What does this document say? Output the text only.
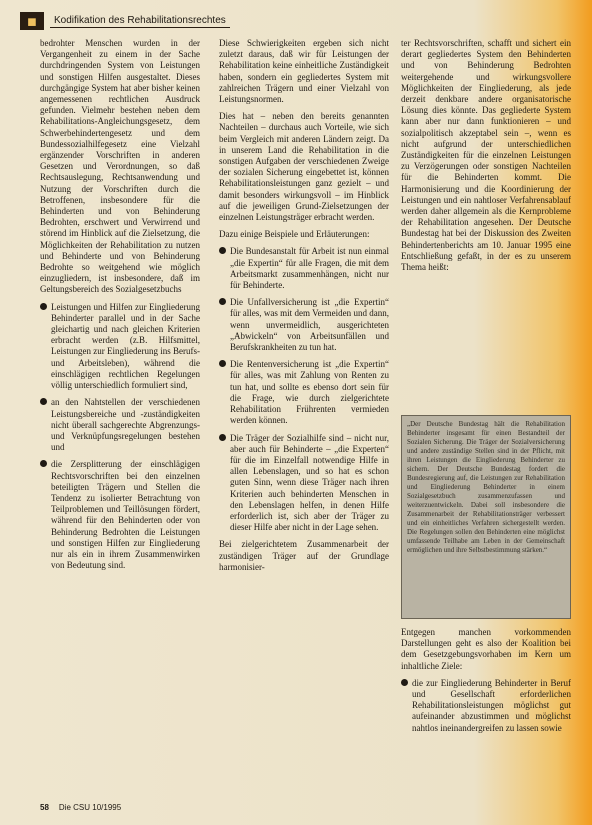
◼	Kodifikation des Rehabilitationsrechtes

bedrohter Menschen wurden in der Vergangenheit zu einem in der Sache durchdringenden System von Leistungen und sonstigen Hilfen ausgestaltet. Dieses durchgängige System hat aber bisher keinen angemessenen rechtlichen Ausdruck gefunden. Vielmehr bestehen neben dem Rehabilitations-Angleichungsgesetz, dem Schwerbehindertengesetz und dem Bundessozialhilfegesetz eine Vielzahl ergänzender Vorschriften in anderen Gesetzen und Verordnungen, so daß Rechtsauslegung, Rechtsanwendung und Nutzung der Vorschriften durch die Betroffenen, insbesondere für die Behinderten und von Behinderung Bedrohten, erschwert und Verwirrend und störend im Hinblick auf die Zielsetzung, die Möglichkeiten der Rehabilitation zu nutzen und Behinderte und von Behinderung Bedrohte so weitgehend wie möglich einzugliedern, ist insbesondere, daß im Geltungsbereich des Sozialgesetzbuchs

Leistungen und Hilfen zur Eingliederung Behinderter parallel und in der Sache gleichartig und nach gleichen Kriterien erbracht werden (z.B. Hilfsmittel, Leistungen zur Eingliederung ins Berufs- und Arbeitsleben), während die einschlägigen rechtlichen Regelungen völlig unterschiedlich formuliert sind,
an den Nahtstellen der verschiedenen Leistungsbereiche und -zuständigkeiten nicht überall sachgerechte Abgrenzungs- und Verknüpfungsregelungen bestehen und
die Zersplitterung der einschlägigen Rechtsvorschriften bei den einzelnen beteiligten Trägern und Stellen die Tendenz zu isolierter Betrachtung von Teilproblemen und Teillösungen fördert, während für den Behinderten oder von Behinderung Bedrohten die Leistungen und sonstigen Hilfen zur Eingliederung nur als ein in ihrem Zusammenwirken von Bedeutung sind.

Diese Schwierigkeiten ergeben sich nicht zuletzt daraus, daß wir für Leistungen der Rehabilitation keine einheitliche Zuständigkeit haben, sondern ein gegliedertes System mit zahlreichen Trägern und einer Vielzahl von Leistungsnormen.

Dies hat – neben den bereits genannten Nachteilen – durchaus auch Vorteile, wie sich beim Vergleich mit anderen Ländern zeigt. Da in unserem Land die Rehabilitation in die sonstigen Aufgaben der verschiedenen Zweige der sozialen Sicherung eingebettet ist, können Rehabilitationsleistungen ganz gezielt – und damit besonders wirkungsvoll – im Hinblick auf die jeweiligen Grund-Zielsetzungen der einzelnen Leistungsträger erbracht werden.

Dazu einige Beispiele und Erläuterungen:

Die Bundesanstalt für Arbeit ist nun einmal „die Expertin“ für alle Fragen, die mit dem Arbeitsmarkt zusammenhängen, nicht nur für Behinderte.
Die Unfallversicherung ist „die Expertin“ für alles, was mit dem Vermeiden und dann, wenn unvermeidlich, ausgerichteten „Abwickeln“ von Arbeitsunfällen und Berufskrankheiten zu tun hat.
Die Rentenversicherung ist „die Expertin“ für alles, was mit Zahlung von Renten zu tun hat, und sollte es ebenso dort sein für die Frage, wie durch zielgerichtete Rehabilitation Frührenten vermieden werden können.
Die Träger der Sozialhilfe sind – nicht nur, aber auch für Behinderte – „die Experten“ für die im Einzelfall notwendige Hilfe in allen Lebenslagen, und so hat es schon guten Sinn, wenn diese Träger nach ihren Kriterien auch behinderten Menschen in den Lebenslagen helfen, in denen Hilfe erforderlich ist, sich aber der Träger zu dieser Hilfe aber nicht in der Lage sehen.

Bei zielgerichtetem Zusammenarbeit der zuständigen Träger auf der Grundlage harmonisier-

ter Rechtsvorschriften, schafft und sichert ein derart gegliedertes System den Behinderten und von Behinderung Bedrohten weitergehende und wirkungsvollere Möglichkeiten der Eingliederung, als jede derzeit denkbare andere organisatorische Lösung dies könnte. Das gegliederte System kann aber nur dann funktionieren – und sozialpolitisch akzeptabel sein –, wenn es nicht aufgrund der unterschiedlichen Zuständigkeiten für die einzelnen Leistungen zu Verzögerungen oder sonstigen Nachteilen für die Behinderten kommt. Die Harmonisierung und die Koordinierung der Leistungen und ein nahtloser Verfahrensablauf werden daher allgemein als die Kernprobleme der Rehabilitation angesehen. Der Deutsche Bundestag hat bei der Diskussion des Zweiten Behindertenberichts am 10. Januar 1995 eine Entschließung gefaßt, in der es zu unserem Thema heißt:

„Der Deutsche Bundestag hält die Rehabilitation Behinderter insgesamt für einen Bestandteil der Sozialen Sicherung. Die Träger der Sozialversicherung und andere zuständige Stellen sind in der Pflicht, mit ihren Leistungen die Eingliederung Behinderter zu sichern. Der Deutsche Bundestag fordert die Bundesregierung auf, die Leistungen zur Rehabilitation und Eingliederung Behinderter in einem Sozialgesetzbuch zusammenzufassen und weiterzuentwickeln. Dabei soll insbesondere die Zusammenarbeit der Rehabilitationsträger verbessert und ein einheitliches Verfahren sichergestellt werden. Die Regelungen sollen den Behinderten eine möglichst umfassende Teilhabe am Leben in der Gemeinschaft ermöglichen und ihre Selbstbestimmung stärken.“

Entgegen manchen vorkommenden Darstellungen geht es also der Koalition bei dem Gesetzgebungsvorhaben im Kern um inhaltliche Ziele:

die zur Eingliederung Behinderter in Beruf und Gesellschaft erforderlichen Rehabilitationsleistungen möglichst gut aufeinander abzustimmen und möglichst nahtlos ineinandergreifen zu lassen sowie
58 Die CSU 10/1995
